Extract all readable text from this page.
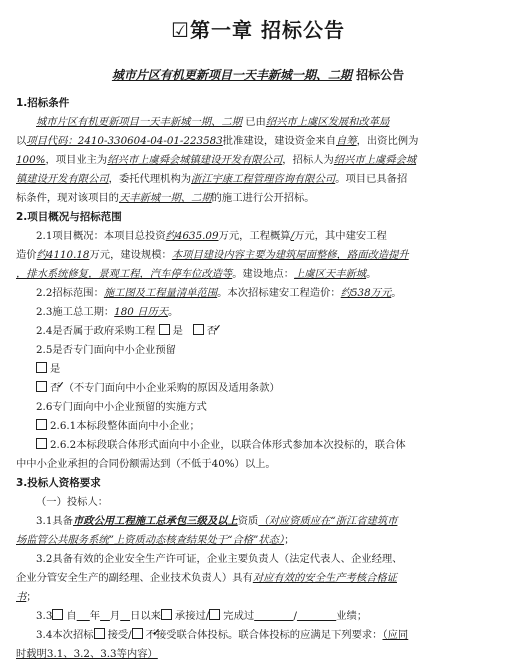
☑第一章 招标公告
城市片区有机更新项目一天丰新城一期、二期 招标公告
1.招标条件
城市片区有机更新项目一天丰新城一期、二期 已由绍兴市上虞区发展和改革局
以项目代码：2410-330604-04-01-223583批准建设，建设资金来自自筹，出资比例为
100%，项目业主为绍兴市上虞舜会城镇建设开发有限公司，招标人为绍兴市上虞舜会城
镇建设开发有限公司，委托代理机构为浙江宇康工程管理咨询有限公司。项目已具备招
标条件，现对该项目的天丰新城一期、二期的施工进行公开招标。
2.项目概况与招标范围
2.1项目概况：本项目总投资约4635.09万元，工程概算/万元，其中建安工程
造价约4110.18万元，建设规模：本项目建设内容主要为建筑屋面整修，路面改造提升
，排水系统修复，景观工程，汽车停车位改造等。建设地点：上虞区天丰新城。
2.2招标范围：施工图及工程量清单范围。本次招标建安工程造价：约538万元。
2.3施工总工期：180 日历天。
2.4是否属于政府采购工程 是 ✓ 否
2.5是否专门面向中小企业预留
是
✓否 （不专门面向中小企业采购的原因及适用条款）
2.6专门面向中小企业预留的实施方式
2.6.1本标段整体面向中小企业；
2.6.2本标段联合体形式面向中小企业，以联合体形式参加本次投标的，联合体
中中小企业承担的合同份额需达到（不低于40%）以上。
3.投标人资格要求
（一）投标人：
3.1具备市政公用工程施工总承包三级及以上资质（对应资质应在“浙江省建筑市
场监管公共服务系统”上资质动态核查结果处于“合格”状态）；
3.2具备有效的企业安全生产许可证，企业主要负责人（法定代表人、企业经理、
企业分管安全生产的副经理、企业技术负责人）具有对应有效的安全生产考核合格证
书；
3.3 自 年 月 日以来 承接过/ 完成过	/	业绩；
3.4本次招标 接受/ ✓ 不接受联合体投标。联合体投标的应满足下列要求：（应同
时载明3.1、3.2、3.3等内容）
